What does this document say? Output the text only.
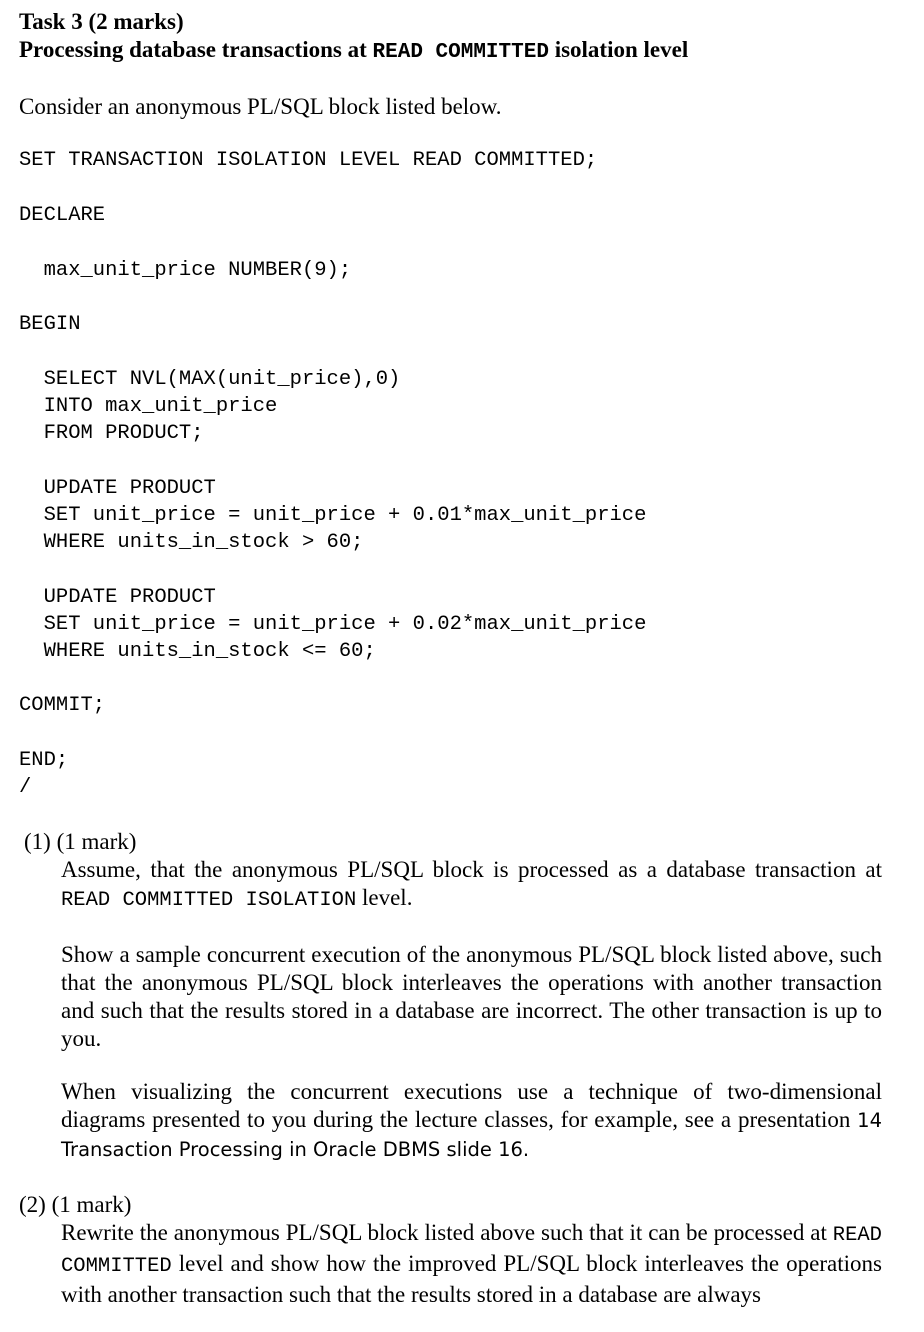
Task 3 (2 marks)
Processing database transactions at READ COMMITTED isolation level
Consider an anonymous PL/SQL block listed below.
SET TRANSACTION ISOLATION LEVEL READ COMMITTED;
DECLARE
max_unit_price NUMBER(9);
BEGIN
SELECT NVL(MAX(unit_price),0)
INTO max_unit_price
FROM PRODUCT;
UPDATE PRODUCT
SET unit_price = unit_price + 0.01*max_unit_price
WHERE units_in_stock > 60;
UPDATE PRODUCT
SET unit_price = unit_price + 0.02*max_unit_price
WHERE units_in_stock <= 60;
COMMIT;
END;
/
(1) (1 mark)
Assume, that the anonymous PL/SQL block is processed as a database transaction at READ COMMITTED ISOLATION level.
Show a sample concurrent execution of the anonymous PL/SQL block listed above, such that the anonymous PL/SQL block interleaves the operations with another transaction and such that the results stored in a database are incorrect. The other transaction is up to you.
When visualizing the concurrent executions use a technique of two-dimensional diagrams presented to you during the lecture classes, for example, see a presentation 14 Transaction Processing in Oracle DBMS slide 16.
(2) (1 mark)
Rewrite the anonymous PL/SQL block listed above such that it can be processed at READ COMMITTED level and show how the improved PL/SQL block interleaves the operations with another transaction such that the results stored in a database are always
